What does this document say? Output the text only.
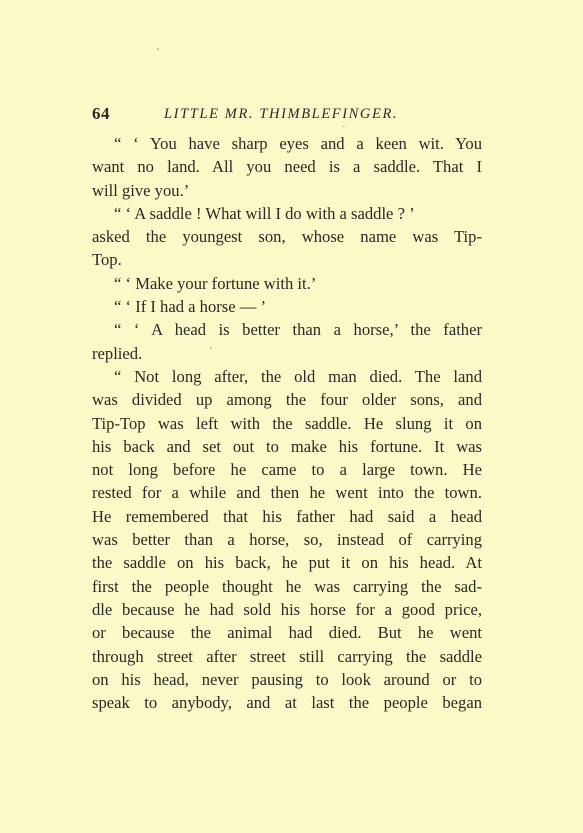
64	LITTLE MR. THIMBLEFINGER.
“ ‘ You have sharp eyes and a keen wit. You
want no land. All you need is a saddle. That I
will give you.’
“ ‘ A saddle ! What will I do with a saddle ? ’
asked the youngest son, whose name was Tip-
Top.
“ ‘ Make your fortune with it.’
“ ‘ If I had a horse — ’
“ ‘ A head is better than a horse,’ the father
replied.
“ Not long after, the old man died. The land
was divided up among the four older sons, and
Tip-Top was left with the saddle. He slung it on
his back and set out to make his fortune. It was
not long before he came to a large town. He
rested for a while and then he went into the town.
He remembered that his father had said a head
was better than a horse, so, instead of carrying
the saddle on his back, he put it on his head. At
first the people thought he was carrying the sad-
dle because he had sold his horse for a good price,
or because the animal had died. But he went
through street after street still carrying the saddle
on his head, never pausing to look around or to
speak to anybody, and at last the people began
